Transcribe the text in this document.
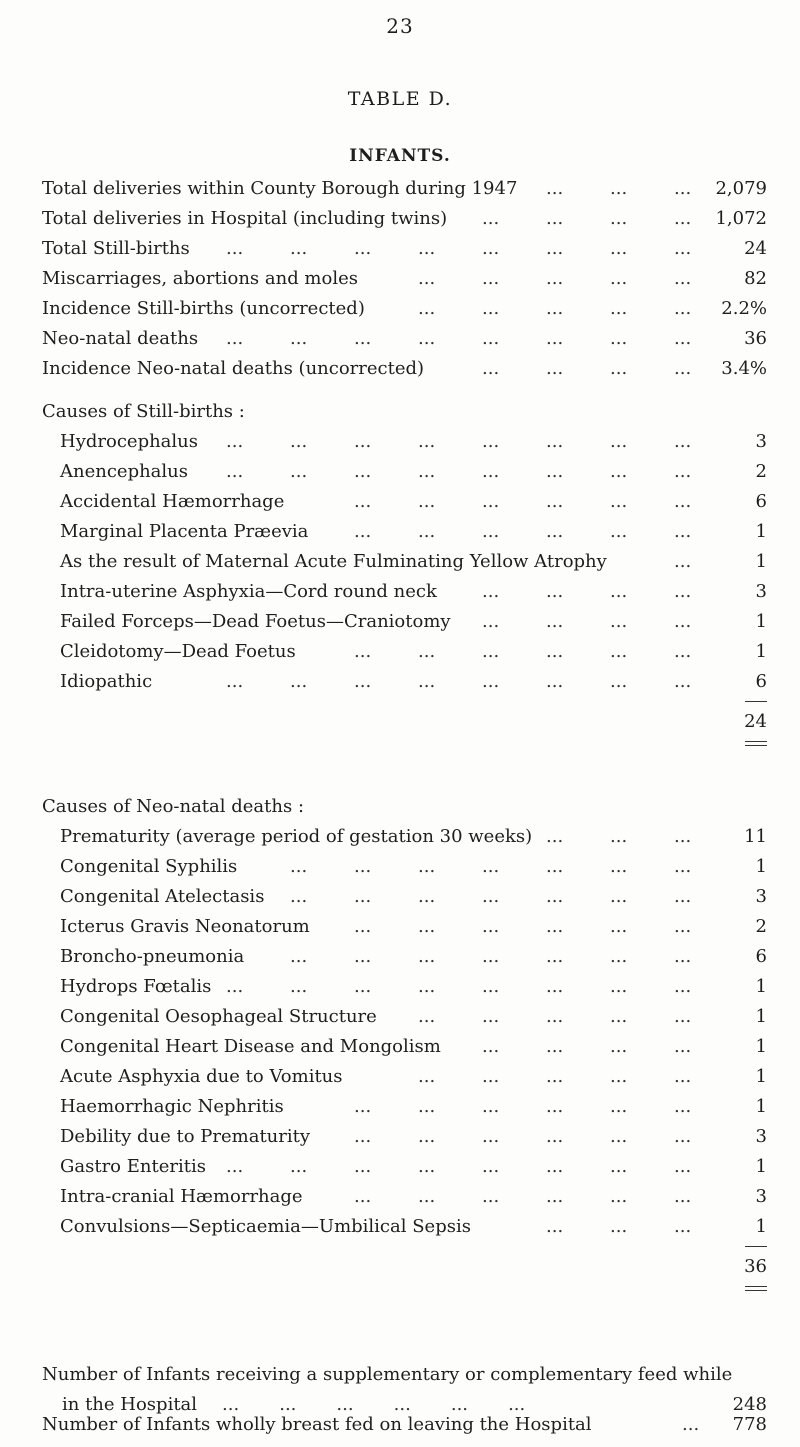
23
TABLE D.
INFANTS.
Total deliveries within County Borough during 1947	2,079
...	...	...
Total deliveries in Hospital (including twins)	1,072
...	...	...	...
Total Still-births	24
...	...	...	...	...	...	...	...
Miscarriages, abortions and moles	82
...	...	...	...	...
Incidence Still-births (uncorrected)	2.2%
...	...	...	...	...
Neo-natal deaths	36
...	...	...	...	...	...	...	...
Incidence Neo-natal deaths (uncorrected)	3.4%
...	...	...	...
Causes of Still-births :
Hydrocephalus	3
...	...	...	...	...	...	...	...
Anencephalus	2
...	...	...	...	...	...	...	...
Accidental Hæmorrhage	6
...	...	...	...	...	...
Marginal Placenta Præevia	1
...	...	...	...	...	...
As the result of Maternal Acute Fulminating Yellow Atrophy	1
...
Intra-uterine Asphyxia—Cord round neck	3
...	...	...	...
Failed Forceps—Dead Foetus—Craniotomy	1
...	...	...	...
Cleidotomy—Dead Foetus	1
...	...	...	...	...	...
Idiopathic	6
...	...	...	...	...	...	...	...
24
Causes of Neo-natal deaths :
Prematurity (average period of gestation 30 weeks)	11
...	...	...
Congenital Syphilis	1
...	...	...	...	...	...	...
Congenital Atelectasis	3
...	...	...	...	...	...	...
Icterus Gravis Neonatorum	2
...	...	...	...	...	...
Broncho-pneumonia	6
...	...	...	...	...	...	...
Hydrops Fœtalis	1
...	...	...	...	...	...	...	...
Congenital Oesophageal Structure	1
...	...	...	...	...
Congenital Heart Disease and Mongolism	1
...	...	...	...
Acute Asphyxia due to Vomitus	1
...	...	...	...	...
Haemorrhagic Nephritis	1
...	...	...	...	...	...
Debility due to Prematurity	3
...	...	...	...	...	...
Gastro Enteritis	1
...	...	...	...	...	...	...	...
Intra-cranial Hæmorrhage	3
...	...	...	...	...	...
Convulsions—Septicaemia—Umbilical Sepsis	1
...	...	...
36
Number of Infants receiving a supplementary or complementary feed while
in the Hospital ...       ...       ...       ...       ...       ...	248
Number of Infants wholly breast fed on leaving the Hospital	... 778
